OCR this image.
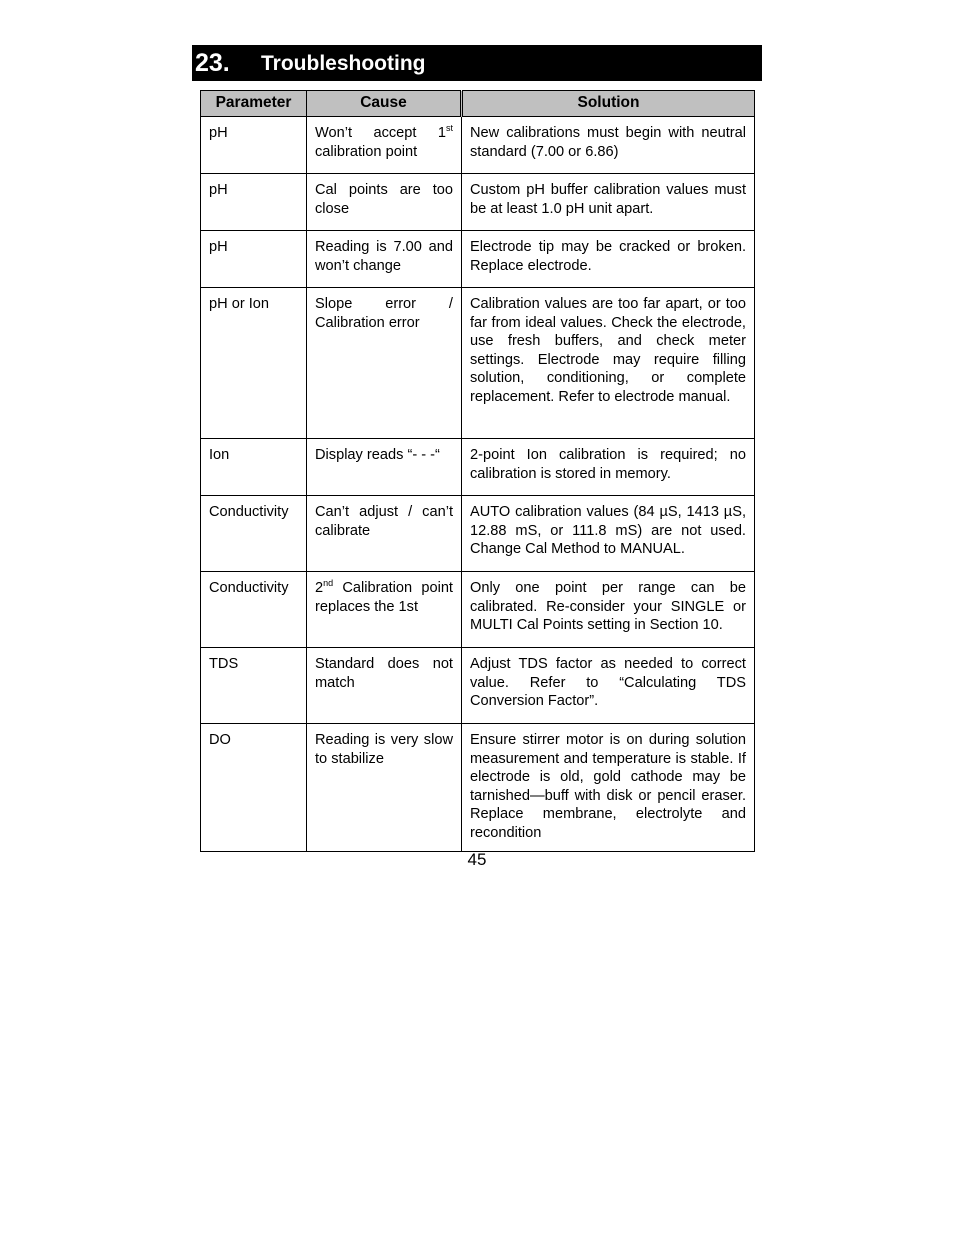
23. Troubleshooting
Parameter	Cause	Solution
pH	Won’t accept 1st calibration point	New calibrations must begin with neutral standard (7.00 or 6.86)
pH	Cal points are too close	Custom pH buffer calibration values must be at least 1.0 pH unit apart.
pH	Reading is 7.00 and won’t change	Electrode tip may be cracked or broken. Replace electrode.
pH or Ion	Slope error / Calibration error	Calibration values are too far apart, or too far from ideal values. Check the electrode, use fresh buffers, and check meter settings. Electrode may require filling solution, conditioning, or complete replacement. Refer to electrode manual.
Ion	Display reads “- - -“	2-point Ion calibration is required; no calibration is stored in memory.
Conductivity	Can’t adjust / can’t calibrate	AUTO calibration values (84 µS, 1413 µS, 12.88 mS, or 111.8 mS) are not used. Change Cal Method to MANUAL.
Conductivity	2nd Calibration point replaces the 1st	Only one point per range can be calibrated. Re-consider your SINGLE or MULTI Cal Points setting in Section 10.
TDS	Standard does not match	Adjust TDS factor as needed to correct value. Refer to “Calculating TDS Conversion Factor”.
DO	Reading is very slow to stabilize	Ensure stirrer motor is on during solution measurement and temperature is stable. If electrode is old, gold cathode may be tarnished—buff with disk or pencil eraser. Replace membrane, electrolyte and recondition
45
